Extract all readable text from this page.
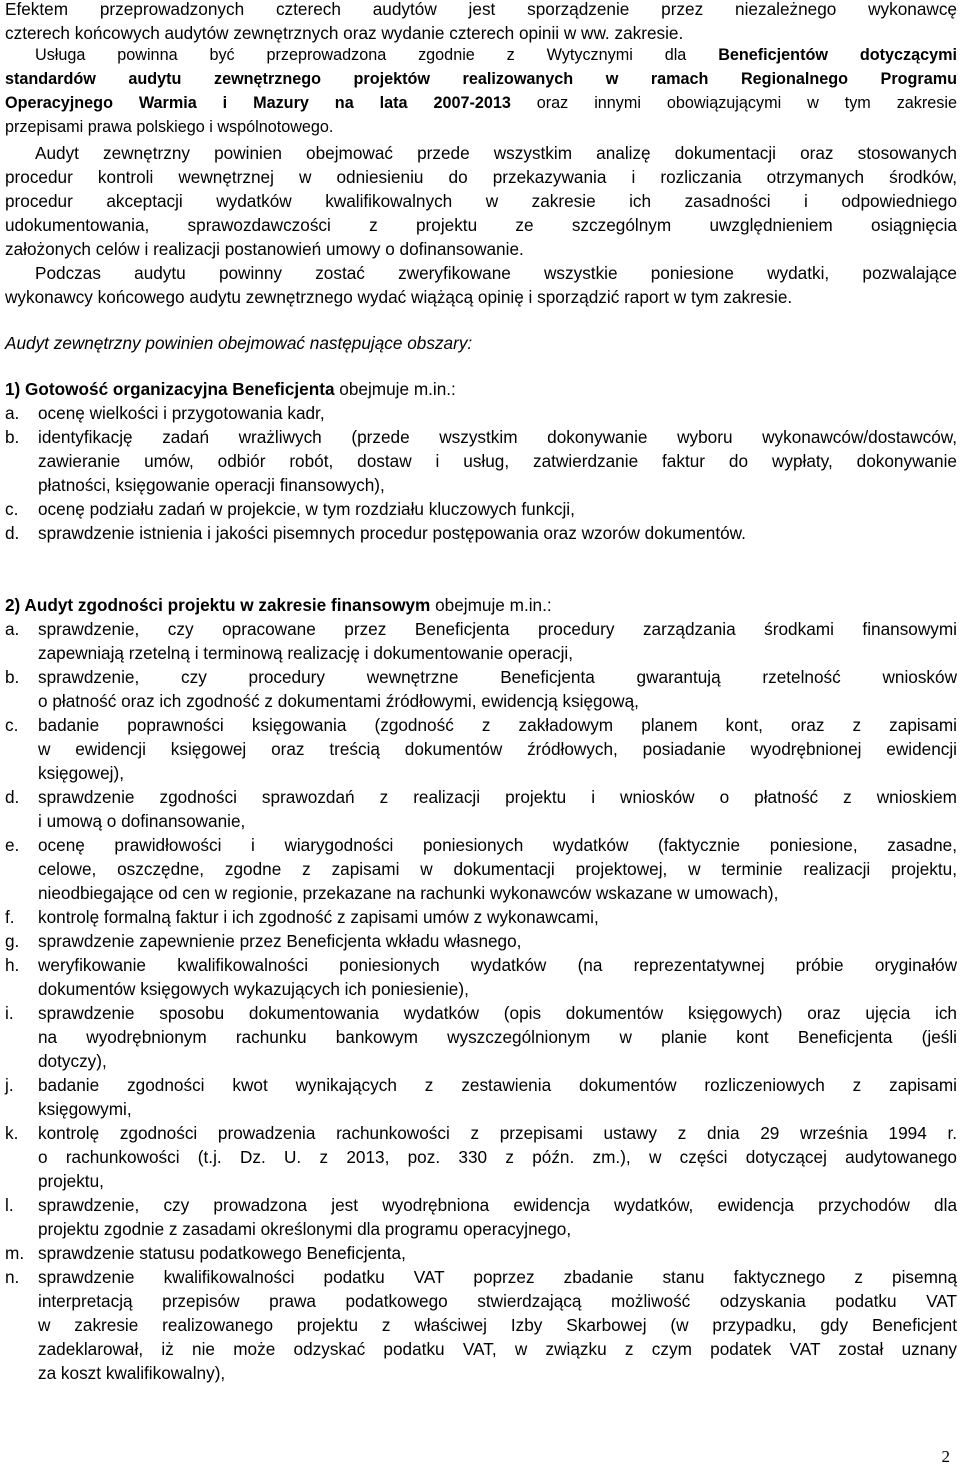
Efektem przeprowadzonych czterech audytów jest sporządzenie przez niezależnego wykonawcę
czterech końcowych audytów zewnętrznych oraz wydanie czterech opinii w ww. zakresie.
Usługa powinna być przeprowadzona zgodnie z Wytycznymi dla Beneficjentów dotyczącymi
standardów audytu zewnętrznego projektów realizowanych w ramach Regionalnego Programu
Operacyjnego Warmia i Mazury na lata 2007-2013 oraz innymi obowiązującymi w tym zakresie
przepisami prawa polskiego i wspólnotowego.
Audyt zewnętrzny powinien obejmować przede wszystkim analizę dokumentacji oraz stosowanych
procedur kontroli wewnętrznej w odniesieniu do przekazywania i rozliczania otrzymanych środków,
procedur akceptacji wydatków kwalifikowalnych w zakresie ich zasadności i odpowiedniego
udokumentowania, sprawozdawczości z projektu ze szczególnym uwzględnieniem osiągnięcia
założonych celów i realizacji postanowień umowy o dofinansowanie.
Podczas audytu powinny zostać zweryfikowane wszystkie poniesione wydatki, pozwalające
wykonawcy końcowego audytu zewnętrznego wydać wiążącą opinię i sporządzić raport w tym zakresie.
Audyt zewnętrzny powinien obejmować następujące obszary:
1) Gotowość organizacyjna Beneficjenta obejmuje m.in.:
a. ocenę wielkości i przygotowania kadr,
b. identyfikację zadań wrażliwych (przede wszystkim dokonywanie wyboru wykonawców/dostawców,
zawieranie umów, odbiór robót, dostaw i usług, zatwierdzanie faktur do wypłaty, dokonywanie
płatności, księgowanie operacji finansowych),
c. ocenę podziału zadań w projekcie, w tym rozdziału kluczowych funkcji,
d. sprawdzenie istnienia i jakości pisemnych procedur postępowania oraz wzorów dokumentów.
2) Audyt zgodności projektu w zakresie finansowym obejmuje m.in.:
a. sprawdzenie, czy opracowane przez Beneficjenta procedury zarządzania środkami finansowymi
zapewniają rzetelną i terminową realizację i dokumentowanie operacji,
b. sprawdzenie, czy procedury wewnętrzne Beneficjenta gwarantują rzetelność wniosków
o płatność oraz ich zgodność z dokumentami źródłowymi, ewidencją księgową,
c. badanie poprawności księgowania (zgodność z zakładowym planem kont, oraz z zapisami
w ewidencji księgowej oraz treścią dokumentów źródłowych, posiadanie wyodrębnionej ewidencji
księgowej),
d. sprawdzenie zgodności sprawozdań z realizacji projektu i wniosków o płatność z wnioskiem
i umową o dofinansowanie,
e. ocenę prawidłowości i wiarygodności poniesionych wydatków (faktycznie poniesione, zasadne,
celowe, oszczędne, zgodne z zapisami w dokumentacji projektowej, w terminie realizacji projektu,
nieodbiegające od cen w regionie, przekazane na rachunki wykonawców wskazane w umowach),
f. kontrolę formalną faktur i ich zgodność z zapisami umów z wykonawcami,
g. sprawdzenie zapewnienie przez Beneficjenta wkładu własnego,
h. weryfikowanie kwalifikowalności poniesionych wydatków (na reprezentatywnej próbie oryginałów
dokumentów księgowych wykazujących ich poniesienie),
i. sprawdzenie sposobu dokumentowania wydatków (opis dokumentów księgowych) oraz ujęcia ich
na wyodrębnionym rachunku bankowym wyszczególnionym w planie kont Beneficjenta (jeśli
dotyczy),
j. badanie zgodności kwot wynikających z zestawienia dokumentów rozliczeniowych z zapisami
księgowymi,
k. kontrolę zgodności prowadzenia rachunkowości z przepisami ustawy z dnia 29 września 1994 r.
o rachunkowości (t.j. Dz. U. z 2013, poz. 330 z późn. zm.), w części dotyczącej audytowanego
projektu,
l. sprawdzenie, czy prowadzona jest wyodrębniona ewidencja wydatków, ewidencja przychodów dla
projektu zgodnie z zasadami określonymi dla programu operacyjnego,
m. sprawdzenie statusu podatkowego Beneficjenta,
n. sprawdzenie kwalifikowalności podatku VAT poprzez zbadanie stanu faktycznego z pisemną
interpretacją przepisów prawa podatkowego stwierdzającą możliwość odzyskania podatku VAT
w zakresie realizowanego projektu z właściwej Izby Skarbowej (w przypadku, gdy Beneficjent
zadeklarował, iż nie może odzyskać podatku VAT, w związku z czym podatek VAT został uznany
za koszt kwalifikowalny),
2
